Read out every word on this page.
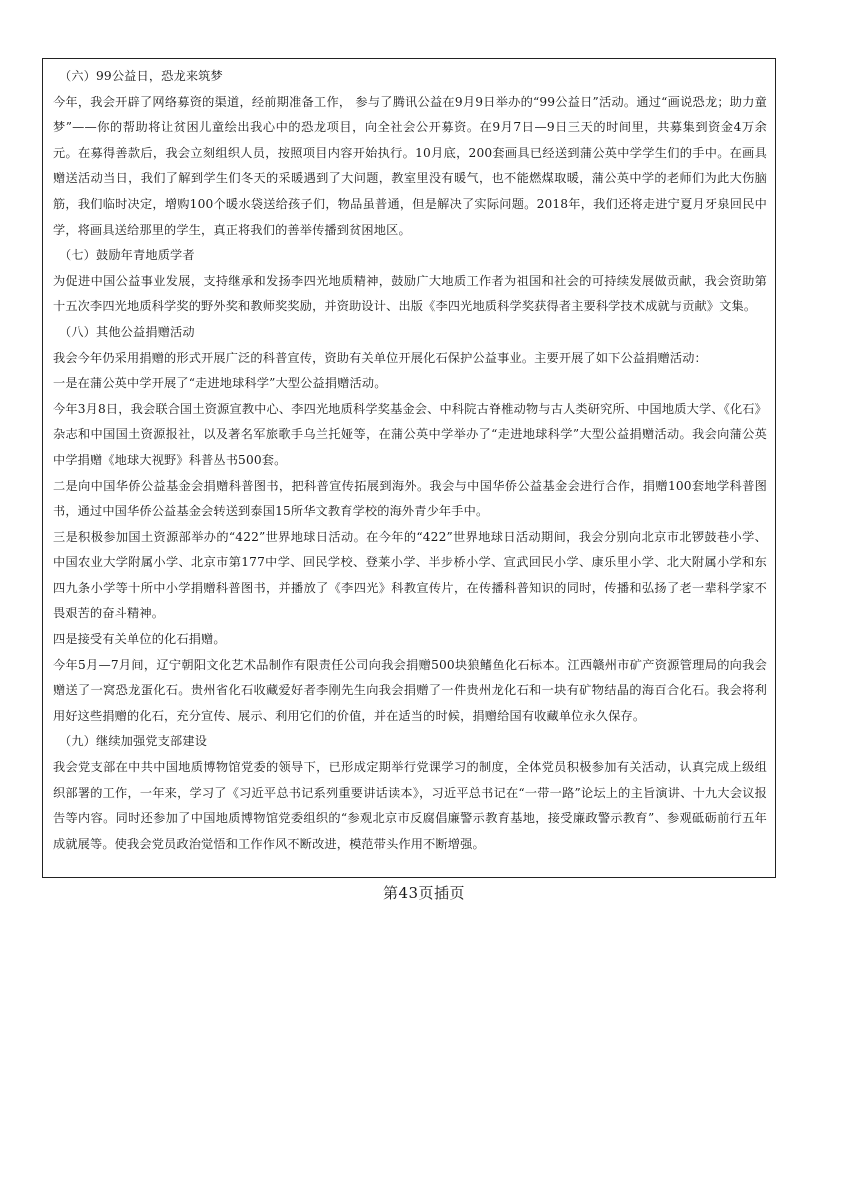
（六）99公益日，恐龙来筑梦

今年，我会开辟了网络募资的渠道，经前期准备工作， 参与了腾讯公益在9月9日举办的“99公益日”活动。通过“画说恐龙；助力童梦”——你的帮助将让贫困儿童绘出我心中的恐龙项目，向全社会公开募资。在9月7日—9日三天的时间里，共募集到资金4万余元。在募得善款后，我会立刻组织人员，按照项目内容开始执行。10月底，200套画具已经送到蒲公英中学学生们的手中。在画具赠送活动当日，我们了解到学生们冬天的采暖遇到了大问题，教室里没有暖气，也不能燃煤取暖，蒲公英中学的老师们为此大伤脑筋，我们临时决定，增购100个暖水袋送给孩子们，物品虽普通，但是解决了实际问题。2018年，我们还将走进宁夏月牙泉回民中学，将画具送给那里的学生，真正将我们的善举传播到贫困地区。

（七）鼓励年青地质学者

为促进中国公益事业发展，支持继承和发扬李四光地质精神，鼓励广大地质工作者为祖国和社会的可持续发展做贡献，我会资助第十五次李四光地质科学奖的野外奖和教师奖奖励，并资助设计、出版《李四光地质科学奖获得者主要科学技术成就与贡献》文集。

（八）其他公益捐赠活动

我会今年仍采用捐赠的形式开展广泛的科普宣传，资助有关单位开展化石保护公益事业。主要开展了如下公益捐赠活动：

一是在蒲公英中学开展了“走进地球科学”大型公益捐赠活动。

今年3月8日，我会联合国土资源宣教中心、李四光地质科学奖基金会、中科院古脊椎动物与古人类研究所、中国地质大学、《化石》杂志和中国国土资源报社，以及著名军旅歌手乌兰托娅等，在蒲公英中学举办了“走进地球科学”大型公益捐赠活动。我会向蒲公英中学捐赠《地球大视野》科普丛书500套。

二是向中国华侨公益基金会捐赠科普图书，把科普宣传拓展到海外。我会与中国华侨公益基金会进行合作，捐赠100套地学科普图书，通过中国华侨公益基金会转送到泰国15所华文教育学校的海外青少年手中。

三是积极参加国土资源部举办的“422”世界地球日活动。在今年的“422”世界地球日活动期间，我会分别向北京市北锣鼓巷小学、中国农业大学附属小学、北京市第177中学、回民学校、登莱小学、半步桥小学、宣武回民小学、康乐里小学、北大附属小学和东四九条小学等十所中小学捐赠科普图书，并播放了《李四光》科教宣传片，在传播科普知识的同时，传播和弘扬了老一辈科学家不畏艰苦的奋斗精神。

四是接受有关单位的化石捐赠。

今年5月—7月间，辽宁朝阳文化艺术品制作有限责任公司向我会捐赠500块狼鳍鱼化石标本。江西赣州市矿产资源管理局的向我会赠送了一窝恐龙蛋化石。贵州省化石收藏爱好者李刚先生向我会捐赠了一件贵州龙化石和一块有矿物结晶的海百合化石。我会将利用好这些捐赠的化石，充分宣传、展示、利用它们的价值，并在适当的时候，捐赠给国有收藏单位永久保存。

（九）继续加强党支部建设

我会党支部在中共中国地质博物馆党委的领导下，已形成定期举行党课学习的制度，全体党员积极参加有关活动，认真完成上级组织部署的工作，一年来，学习了《习近平总书记系列重要讲话读本》，习近平总书记在“一带一路”论坛上的主旨演讲、十九大会议报告等内容。同时还参加了中国地质博物馆党委组织的“参观北京市反腐倡廉警示教育基地，接受廉政警示教育”、参观砥砺前行五年成就展等。使我会党员政治觉悟和工作作风不断改进，模范带头作用不断增强。

第43页插页
